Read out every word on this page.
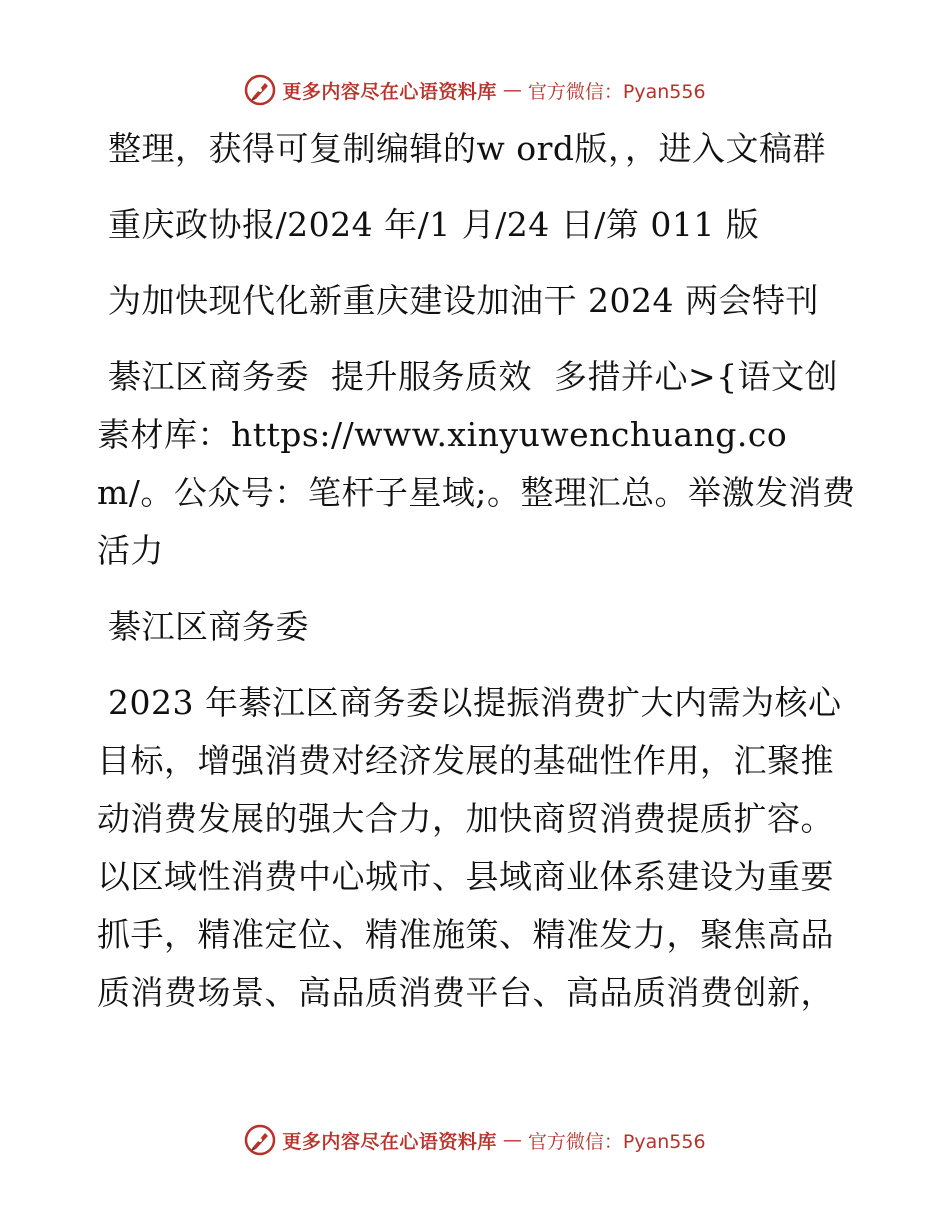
更多内容尽在心语资料库 — 官方微信：Pyan556

整理，获得可复制编辑的w ord版，，进入文稿群

重庆政协报/2024 年/1 月/24 日/第 011 版

为加快现代化新重庆建设加油干 2024 两会特刊

綦江区商务委  提升服务质效  多措并心>{语文创素材库：https://www.xinyuwenchuang.com/。公众号：笔杆子星域;。整理汇总。举激发消费活力

綦江区商务委

2023 年綦江区商务委以提振消费扩大内需为核心目标，增强消费对经济发展的基础性作用，汇聚推动消费发展的强大合力，加快商贸消费提质扩容。以区域性消费中心城市、县域商业体系建设为重要抓手，精准定位、精准施策、精准发力，聚焦高品质消费场景、高品质消费平台、高品质消费创新，

更多内容尽在心语资料库 — 官方微信：Pyan556
